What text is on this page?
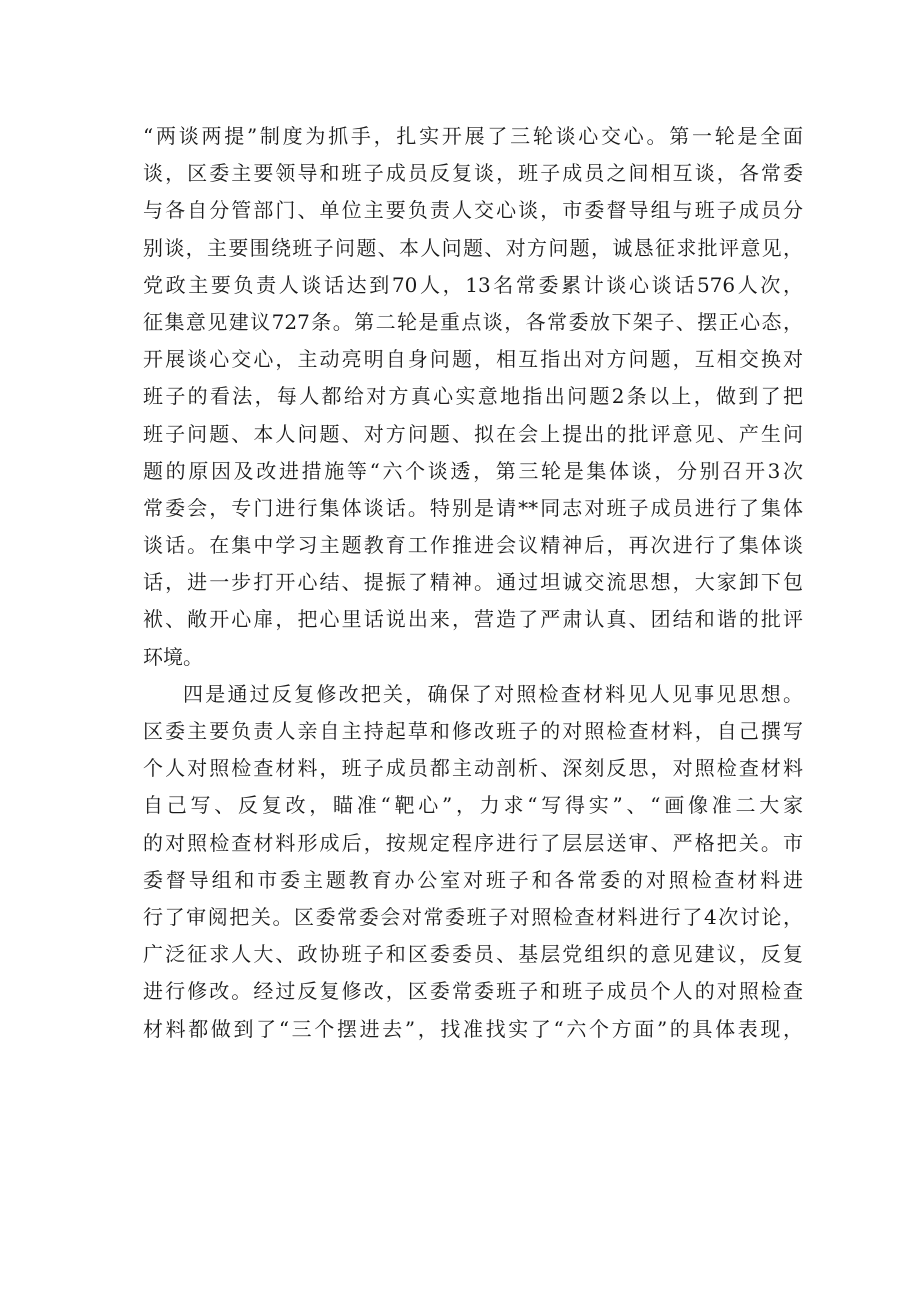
“两谈两提”制度为抓手，扎实开展了三轮谈心交心。第一轮是全面
谈，区委主要领导和班子成员反复谈，班子成员之间相互谈，各常委
与各自分管部门、单位主要负责人交心谈，市委督导组与班子成员分
别谈，主要围绕班子问题、本人问题、对方问题，诚恳征求批评意见，
党政主要负责人谈话达到70人，13名常委累计谈心谈话576人次，
征集意见建议727条。第二轮是重点谈，各常委放下架子、摆正心态，
开展谈心交心，主动亮明自身问题，相互指出对方问题，互相交换对
班子的看法，每人都给对方真心实意地指出问题2条以上，做到了把
班子问题、本人问题、对方问题、拟在会上提出的批评意见、产生问
题的原因及改进措施等“六个谈透，第三轮是集体谈，分别召开3次
常委会，专门进行集体谈话。特别是请**同志对班子成员进行了集体
谈话。在集中学习主题教育工作推进会议精神后，再次进行了集体谈
话，进一步打开心结、提振了精神。通过坦诚交流思想，大家卸下包
袱、敞开心扉，把心里话说出来，营造了严肃认真、团结和谐的批评
环境。
四是通过反复修改把关，确保了对照检查材料见人见事见思想。
区委主要负责人亲自主持起草和修改班子的对照检查材料，自己撰写
个人对照检查材料，班子成员都主动剖析、深刻反思，对照检查材料
自己写、反复改，瞄准“靶心”，力求“写得实”、“画像准二大家
的对照检查材料形成后，按规定程序进行了层层送审、严格把关。市
委督导组和市委主题教育办公室对班子和各常委的对照检查材料进
行了审阅把关。区委常委会对常委班子对照检查材料进行了4次讨论，
广泛征求人大、政协班子和区委委员、基层党组织的意见建议，反复
进行修改。经过反复修改，区委常委班子和班子成员个人的对照检查
材料都做到了“三个摆进去”，找准找实了“六个方面”的具体表现，
